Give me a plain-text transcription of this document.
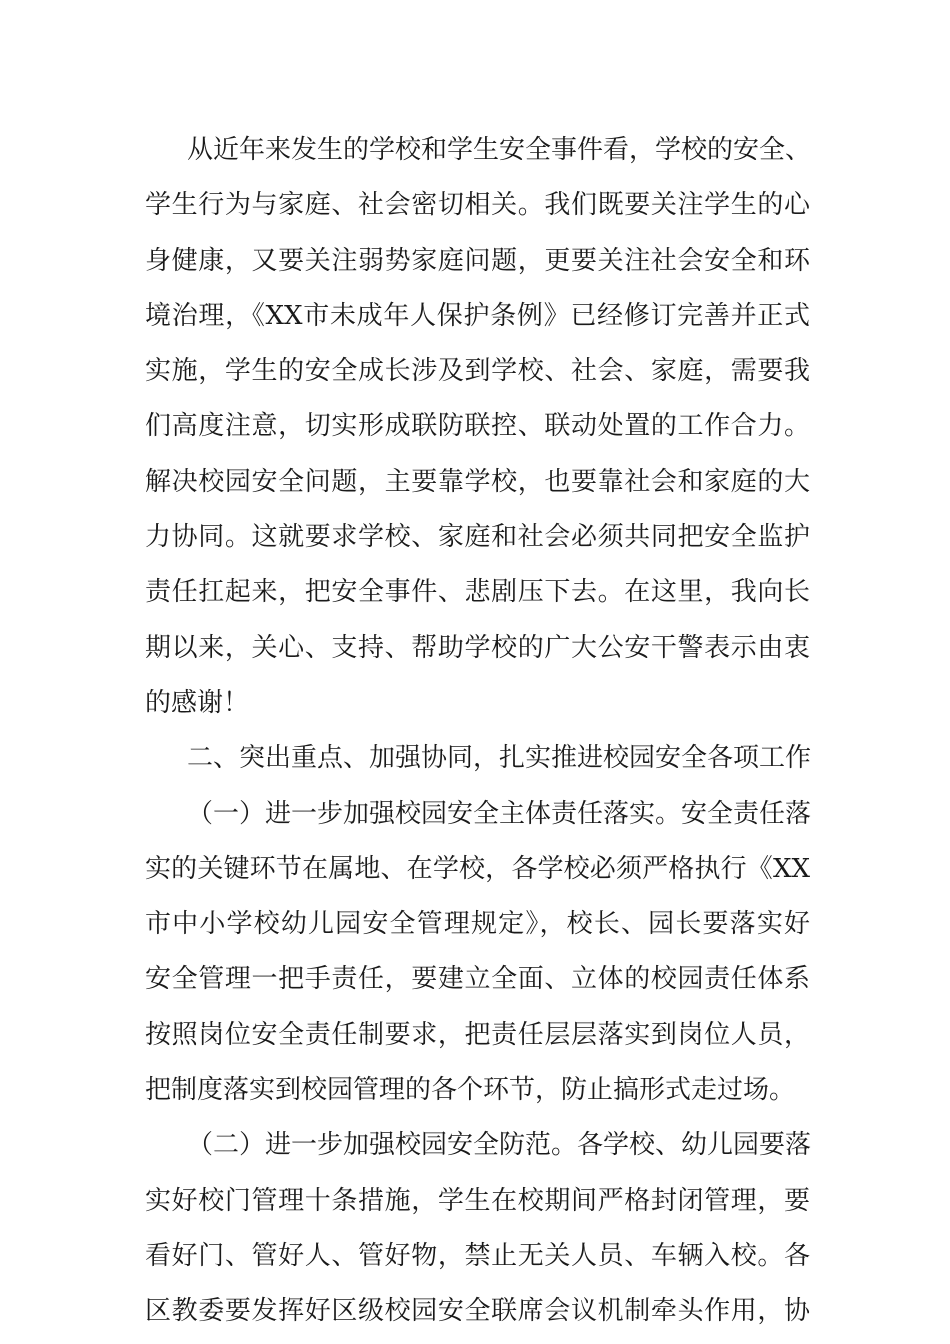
从近年来发生的学校和学生安全事件看，学校的安全、
学生行为与家庭、社会密切相关。我们既要关注学生的心
身健康，又要关注弱势家庭问题，更要关注社会安全和环
境治理，《XX市未成年人保护条例》已经修订完善并正式
实施，学生的安全成长涉及到学校、社会、家庭，需要我
们高度注意，切实形成联防联控、联动处置的工作合力。
解决校园安全问题，主要靠学校，也要靠社会和家庭的大
力协同。这就要求学校、家庭和社会必须共同把安全监护
责任扛起来，把安全事件、悲剧压下去。在这里，我向长
期以来，关心、支持、帮助学校的广大公安干警表示由衷
的感谢！
二、突出重点、加强协同，扎实推进校园安全各项工作
（一）进一步加强校园安全主体责任落实。安全责任落
实的关键环节在属地、在学校，各学校必须严格执行《XX
市中小学校幼儿园安全管理规定》，校长、园长要落实好
安全管理一把手责任，要建立全面、立体的校园责任体系
按照岗位安全责任制要求，把责任层层落实到岗位人员，
把制度落实到校园管理的各个环节，防止搞形式走过场。
（二）进一步加强校园安全防范。各学校、幼儿园要落
实好校门管理十条措施，学生在校期间严格封闭管理，要
看好门、管好人、管好物，禁止无关人员、车辆入校。各
区教委要发挥好区级校园安全联席会议机制牵头作用，协
